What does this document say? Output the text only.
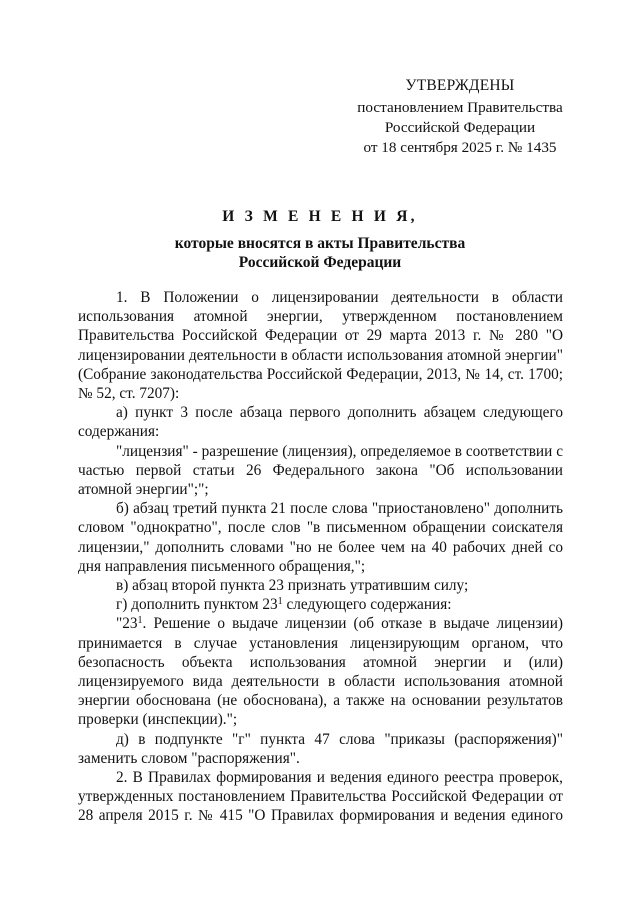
УТВЕРЖДЕНЫ
постановлением Правительства
Российской Федерации
от 18 сентября 2025 г. № 1435
И З М Е Н Е Н И Я,
которые вносятся в акты Правительства
Российской Федерации

1. В Положении о лицензировании деятельности в области использования атомной энергии, утвержденном постановлением Правительства Российской Федерации от 29 марта 2013 г. № 280 "О лицензировании деятельности в области использования атомной энергии" (Собрание законодательства Российской Федерации, 2013, № 14, ст. 1700; № 52, ст. 7207):

а) пункт 3 после абзаца первого дополнить абзацем следующего содержания:

"лицензия" - разрешение (лицензия), определяемое в соответствии с частью первой статьи 26 Федерального закона "Об использовании атомной энергии";";

б) абзац третий пункта 21 после слова "приостановлено" дополнить словом "однократно", после слов "в письменном обращении соискателя лицензии," дополнить словами "но не более чем на 40 рабочих дней со дня направления письменного обращения,";

в) абзац второй пункта 23 признать утратившим силу;

г) дополнить пунктом $23^1$ следующего содержания:

"$23^1$. Решение о выдаче лицензии (об отказе в выдаче лицензии) принимается в случае установления лицензирующим органом, что безопасность объекта использования атомной энергии и (или) лицензируемого вида деятельности в области использования атомной энергии обоснована (не обоснована), а также на основании результатов проверки (инспекции).";

д) в подпункте "г" пункта 47 слова "приказы (распоряжения)" заменить словом "распоряжения".

2. В Правилах формирования и ведения единого реестра проверок, утвержденных постановлением Правительства Российской Федерации от 28 апреля 2015 г. № 415 "О Правилах формирования и ведения единого
